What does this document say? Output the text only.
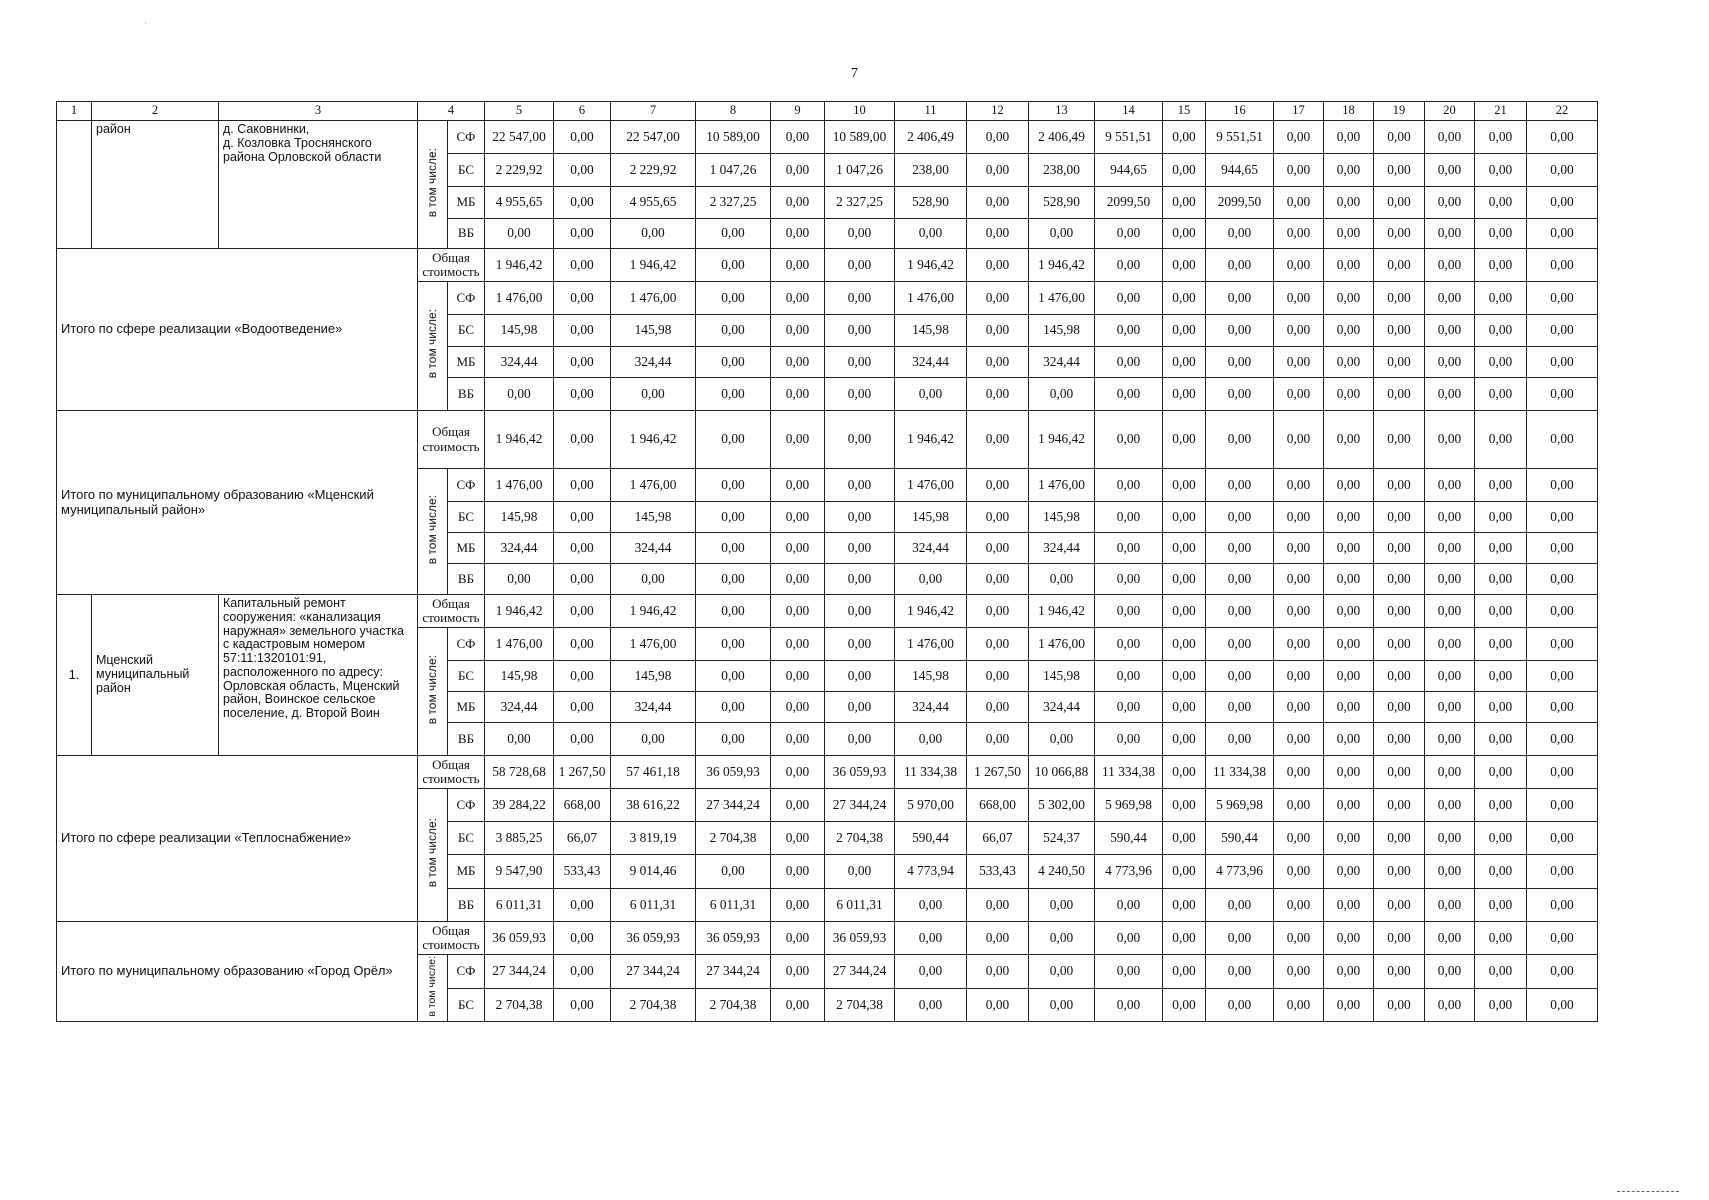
`
7
1	2	3	4		5	6	7	8	9	10	11	12	13	14	15	16	17	18	19	20	21	22
	район	д. Саковнинки,
д. Козловка Троснянского района Орловской области	в том числе:	СФ	22 547,00	0,00	22 547,00	10 589,00	0,00	10 589,00	2 406,49	0,00	2 406,49	9 551,51	0,00	9 551,51	0,00	0,00	0,00	0,00	0,00	0,00
				БС	2 229,92	0,00	2 229,92	1 047,26	0,00	1 047,26	238,00	0,00	238,00	944,65	0,00	944,65	0,00	0,00	0,00	0,00	0,00	0,00
				МБ	4 955,65	0,00	4 955,65	2 327,25	0,00	2 327,25	528,90	0,00	528,90	2099,50	0,00	2099,50	0,00	0,00	0,00	0,00	0,00	0,00
				ВБ	0,00	0,00	0,00	0,00	0,00	0,00	0,00	0,00	0,00	0,00	0,00	0,00	0,00	0,00	0,00	0,00	0,00	0,00
Итого по сфере реализации «Водоотведение»			Общая стоимость		1 946,42	0,00	1 946,42	0,00	0,00	0,00	1 946,42	0,00	1 946,42	0,00	0,00	0,00	0,00	0,00	0,00	0,00	0,00	0,00
			в том числе:	СФ	1 476,00	0,00	1 476,00	0,00	0,00	0,00	1 476,00	0,00	1 476,00	0,00	0,00	0,00	0,00	0,00	0,00	0,00	0,00	0,00
				БС	145,98	0,00	145,98	0,00	0,00	0,00	145,98	0,00	145,98	0,00	0,00	0,00	0,00	0,00	0,00	0,00	0,00	0,00
				МБ	324,44	0,00	324,44	0,00	0,00	0,00	324,44	0,00	324,44	0,00	0,00	0,00	0,00	0,00	0,00	0,00	0,00	0,00
				ВБ	0,00	0,00	0,00	0,00	0,00	0,00	0,00	0,00	0,00	0,00	0,00	0,00	0,00	0,00	0,00	0,00	0,00	0,00
Итого по муниципальному образованию «Мценский муниципальный район»			Общая стоимость		1 946,42	0,00	1 946,42	0,00	0,00	0,00	1 946,42	0,00	1 946,42	0,00	0,00	0,00	0,00	0,00	0,00	0,00	0,00	0,00
			в том числе:	СФ	1 476,00	0,00	1 476,00	0,00	0,00	0,00	1 476,00	0,00	1 476,00	0,00	0,00	0,00	0,00	0,00	0,00	0,00	0,00	0,00
				БС	145,98	0,00	145,98	0,00	0,00	0,00	145,98	0,00	145,98	0,00	0,00	0,00	0,00	0,00	0,00	0,00	0,00	0,00
				МБ	324,44	0,00	324,44	0,00	0,00	0,00	324,44	0,00	324,44	0,00	0,00	0,00	0,00	0,00	0,00	0,00	0,00	0,00
				ВБ	0,00	0,00	0,00	0,00	0,00	0,00	0,00	0,00	0,00	0,00	0,00	0,00	0,00	0,00	0,00	0,00	0,00	0,00
1.	Мценский муниципальный район	Капитальный ремонт сооружения: «канализация наружная» земельного участка с кадастровым номером 57:11:1320101:91, расположенного по адресу: Орловская область, Мценский район, Воинское сельское поселение, д. Второй Воин	Общая стоимость		1 946,42	0,00	1 946,42	0,00	0,00	0,00	1 946,42	0,00	1 946,42	0,00	0,00	0,00	0,00	0,00	0,00	0,00	0,00	0,00
			в том числе:	СФ	1 476,00	0,00	1 476,00	0,00	0,00	0,00	1 476,00	0,00	1 476,00	0,00	0,00	0,00	0,00	0,00	0,00	0,00	0,00	0,00
				БС	145,98	0,00	145,98	0,00	0,00	0,00	145,98	0,00	145,98	0,00	0,00	0,00	0,00	0,00	0,00	0,00	0,00	0,00
				МБ	324,44	0,00	324,44	0,00	0,00	0,00	324,44	0,00	324,44	0,00	0,00	0,00	0,00	0,00	0,00	0,00	0,00	0,00
				ВБ	0,00	0,00	0,00	0,00	0,00	0,00	0,00	0,00	0,00	0,00	0,00	0,00	0,00	0,00	0,00	0,00	0,00	0,00
Итого по сфере реализации «Теплоснабжение»			Общая стоимость		58 728,68	1 267,50	57 461,18	36 059,93	0,00	36 059,93	11 334,38	1 267,50	10 066,88	11 334,38	0,00	11 334,38	0,00	0,00	0,00	0,00	0,00	0,00
			в том числе:	СФ	39 284,22	668,00	38 616,22	27 344,24	0,00	27 344,24	5 970,00	668,00	5 302,00	5 969,98	0,00	5 969,98	0,00	0,00	0,00	0,00	0,00	0,00
				БС	3 885,25	66,07	3 819,19	2 704,38	0,00	2 704,38	590,44	66,07	524,37	590,44	0,00	590,44	0,00	0,00	0,00	0,00	0,00	0,00
				МБ	9 547,90	533,43	9 014,46	0,00	0,00	0,00	4 773,94	533,43	4 240,50	4 773,96	0,00	4 773,96	0,00	0,00	0,00	0,00	0,00	0,00
				ВБ	6 011,31	0,00	6 011,31	6 011,31	0,00	6 011,31	0,00	0,00	0,00	0,00	0,00	0,00	0,00	0,00	0,00	0,00	0,00	0,00
Итого по муниципальному образованию «Город Орёл»			Общая стоимость		36 059,93	0,00	36 059,93	36 059,93	0,00	36 059,93	0,00	0,00	0,00	0,00	0,00	0,00	0,00	0,00	0,00	0,00	0,00	0,00
			в том числе:	СФ	27 344,24	0,00	27 344,24	27 344,24	0,00	27 344,24	0,00	0,00	0,00	0,00	0,00	0,00	0,00	0,00	0,00	0,00	0,00	0,00
				БС	2 704,38	0,00	2 704,38	2 704,38	0,00	2 704,38	0,00	0,00	0,00	0,00	0,00	0,00	0,00	0,00	0,00	0,00	0,00	0,00
